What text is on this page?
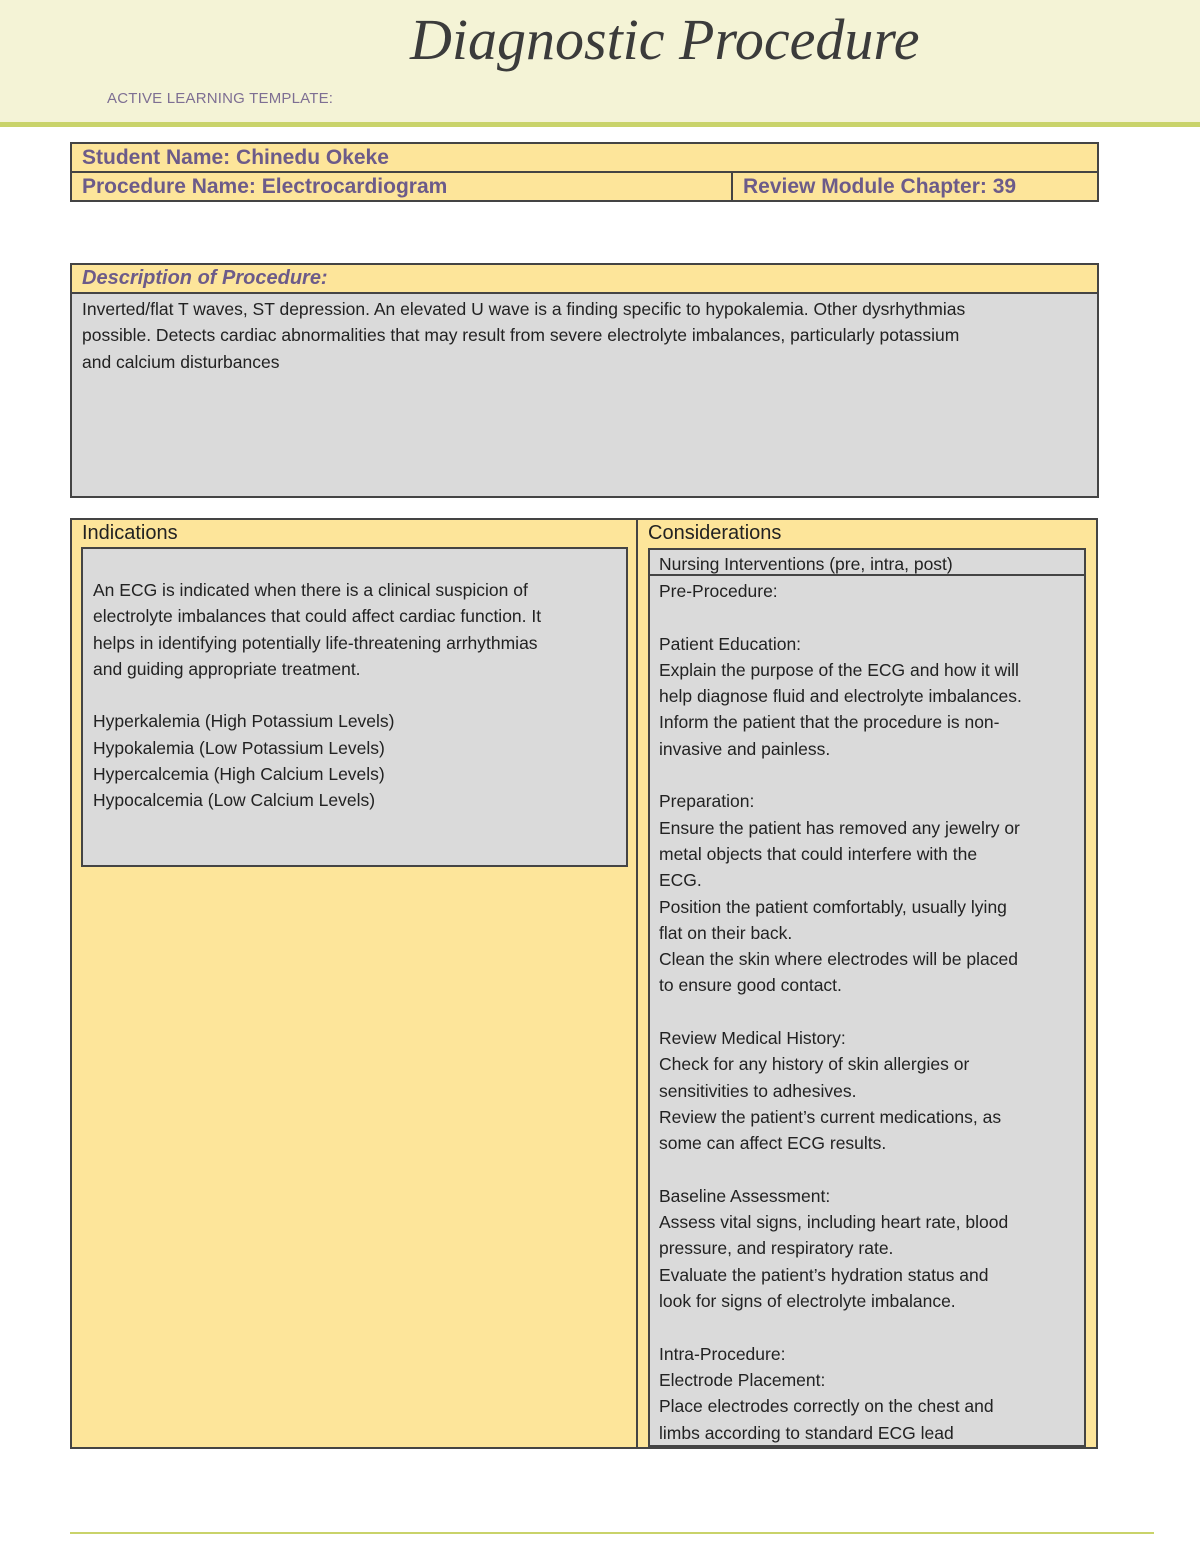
ACTIVE LEARNING TEMPLATE:
Diagnostic Procedure
Student Name: Chinedu Okeke
Procedure Name: Electrocardiogram	Review Module Chapter: 39
Description of Procedure:
Inverted/flat T waves, ST depression. An elevated U wave is a finding specific to hypokalemia. Other dysrhythmias
possible. Detects cardiac abnormalities that may result from severe electrolyte imbalances, particularly potassium
and calcium disturbances
Indications
An ECG is indicated when there is a clinical suspicion of
electrolyte imbalances that could affect cardiac function. It
helps in identifying potentially life-threatening arrhythmias
and guiding appropriate treatment.

Hyperkalemia (High Potassium Levels)
Hypokalemia (Low Potassium Levels)
Hypercalcemia (High Calcium Levels)
Hypocalcemia (Low Calcium Levels)
Considerations
Nursing Interventions (pre, intra, post)
Pre-Procedure:

Patient Education:
Explain the purpose of the ECG and how it will
help diagnose fluid and electrolyte imbalances.
Inform the patient that the procedure is non-
invasive and painless.

Preparation:
Ensure the patient has removed any jewelry or
metal objects that could interfere with the
ECG.
Position the patient comfortably, usually lying
flat on their back.
Clean the skin where electrodes will be placed
to ensure good contact.

Review Medical History:
Check for any history of skin allergies or
sensitivities to adhesives.
Review the patient’s current medications, as
some can affect ECG results.

Baseline Assessment:
Assess vital signs, including heart rate, blood
pressure, and respiratory rate.
Evaluate the patient’s hydration status and
look for signs of electrolyte imbalance.

Intra-Procedure:
Electrode Placement:
Place electrodes correctly on the chest and
limbs according to standard ECG lead
